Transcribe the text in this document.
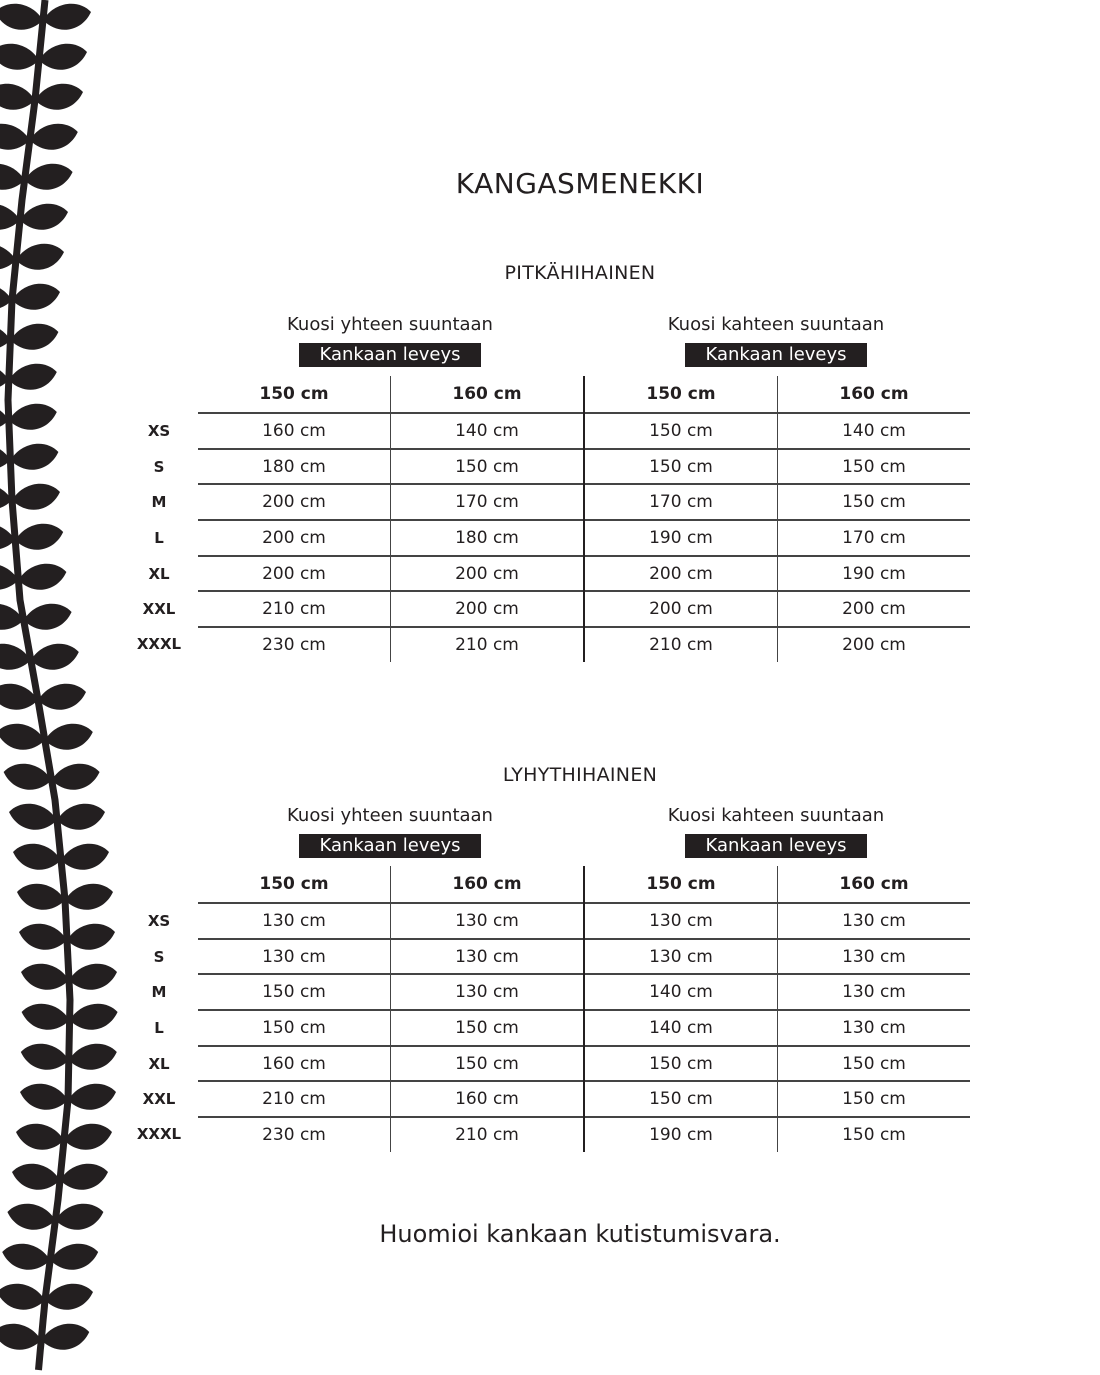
KANGASMENEKKI
PITKÄHIHAINEN
Kuosi yhteen suuntaan
Kankaan leveys
Kuosi kahteen suuntaan
Kankaan leveys
	150 cm	160 cm	150 cm	160 cm
XS	160 cm	140 cm	150 cm	140 cm
S	180 cm	150 cm	150 cm	150 cm
M	200 cm	170 cm	170 cm	150 cm
L	200 cm	180 cm	190 cm	170 cm
XL	200 cm	200 cm	200 cm	190 cm
XXL	210 cm	200 cm	200 cm	200 cm
XXXL	230 cm	210 cm	210 cm	200 cm
LYHYTHIHAINEN
Kuosi yhteen suuntaan
Kankaan leveys
Kuosi kahteen suuntaan
Kankaan leveys
	150 cm	160 cm	150 cm	160 cm
XS	130 cm	130 cm	130 cm	130 cm
S	130 cm	130 cm	130 cm	130 cm
M	150 cm	130 cm	140 cm	130 cm
L	150 cm	150 cm	140 cm	130 cm
XL	160 cm	150 cm	150 cm	150 cm
XXL	210 cm	160 cm	150 cm	150 cm
XXXL	230 cm	210 cm	190 cm	150 cm
Huomioi kankaan kutistumisvara.
